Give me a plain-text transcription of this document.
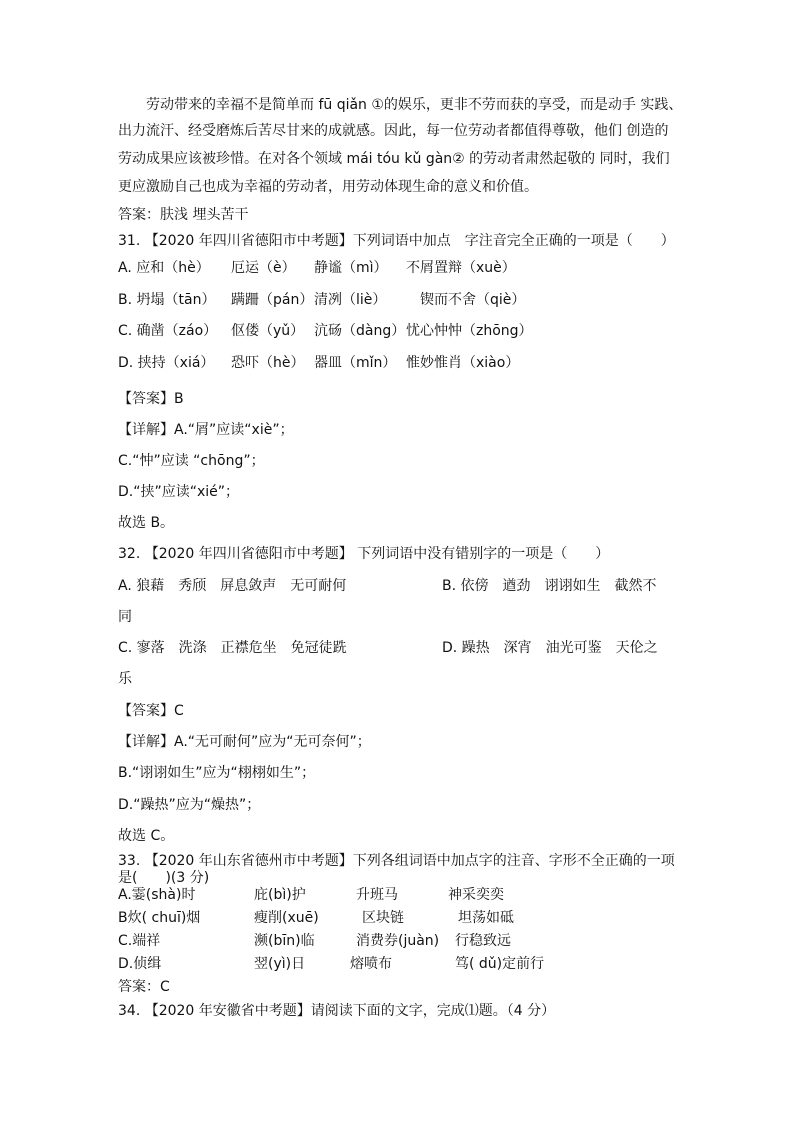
劳动带来的幸福不是简单而 fū qiǎn ①的娱乐，更非不劳而获的享受，而是动手 实践、
出力流汗、经受磨炼后苦尽甘来的成就感。因此，每一位劳动者都值得尊敬，他们 创造的
劳动成果应该被珍惜。在对各个领域 mái tóu kǔ gàn② 的劳动者肃然起敬的 同时，我们
更应激励自己也成为幸福的劳动者，用劳动体现生命的意义和价值。
答案：肤浅 埋头苦干
31. 【2020 年四川省德阳市中考题】下列词语中加点　字注音完全正确的一项是（　　）
A. 应和（hè） 厄运（è） 静谧（mì） 不屑置辩（xuè）
B. 坍塌（tān） 蹒跚（pán） 清冽（liè） 锲而不舍（qiè）
C. 确凿（záo） 伛偻（yǔ） 沆砀（dàng） 忧心忡忡（zhōng）
D. 挟持（xiá） 恐吓（hè） 器皿（mǐn） 惟妙惟肖（xiào）
【答案】B
【详解】A.“屑”应读“xiè”；
C.“忡”应读 “chōng”；
D.“挟”应读“xié”；
故选 B。
32. 【2020 年四川省德阳市中考题】 下列词语中没有错别字的一项是（　　）
A. 狼藉　秀颀　屏息敛声　无可耐何	B. 依傍　遒劲　诩诩如生　截然不
同
C. 寥落　洗涤　正襟危坐　免冠徒跣	D. 躁热　深宵　油光可鉴　天伦之
乐
【答案】C
【详解】A.“无可耐何”应为“无可奈何”；
B.“诩诩如生”应为“栩栩如生”；
D.“躁热”应为“燥热”；
故选 C。
33. 【2020 年山东省德州市中考题】下列各组词语中加点字的注音、字形不全正确的一项
是(　　)(3 分)
A.霎(shà)时	庇(bì)护	升班马	神采奕奕
B炊( chuī)烟	瘦削(xuē)	区块链	坦荡如砥
C.端祥	濒(bīn)临	消费券(juàn) 行稳致远
D.侦缉	翌(yì)日	熔喷布	笃( dǔ)定前行
答案：C
34. 【2020 年安徽省中考题】请阅读下面的文字，完成⑴题。（4 分）
